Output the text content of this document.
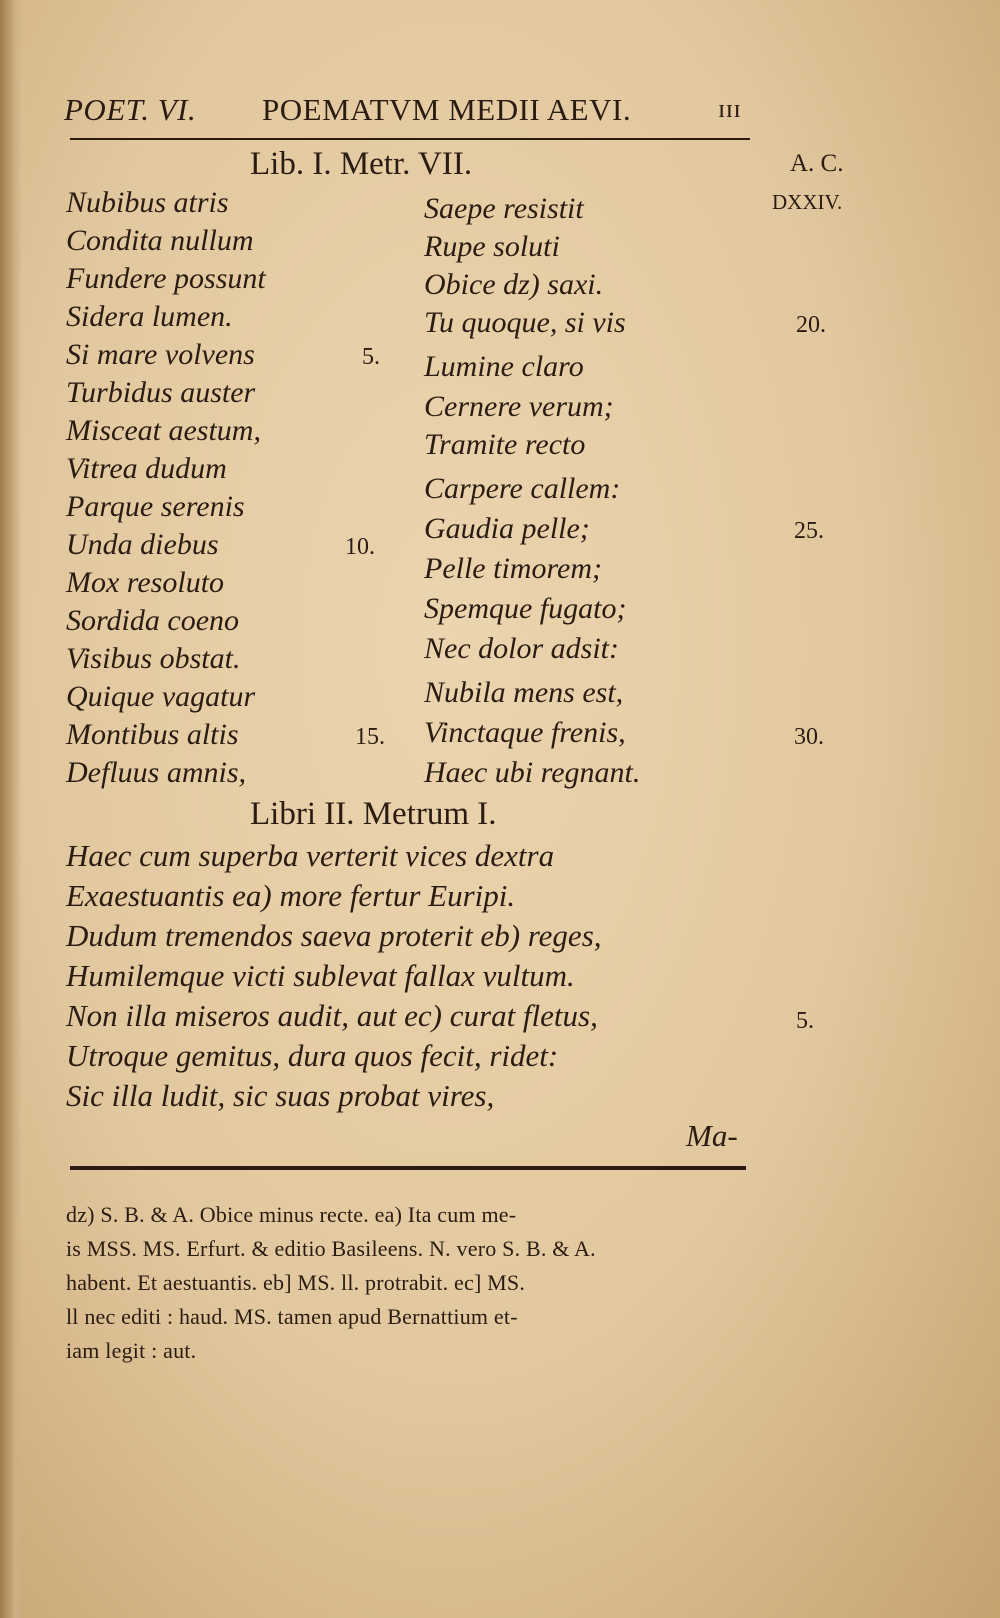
POET. VI. POEMATVM MEDII AEVI.	ɪɪɪ
Lib. I. Metr. VII.	A. C.
DXXIV.
Nubibus atris
Condita nullum
Fundere possunt
Sidera lumen.
Si mare volvens
Turbidus auster
Misceat aestum,
Vitrea dudum
Parque serenis
Unda diebus
Mox resoluto
Sordida coeno
Visibus obstat.
Quique vagatur
Montibus altis
Defluus amnis,
5.
10.
15.
Saepe resistit
Rupe soluti
Obice dz) saxi.
Tu quoque, si vis
Lumine claro
Cernere verum;
Tramite recto
Carpere callem:
Gaudia pelle;
Pelle timorem;
Spemque fugato;
Nec dolor adsit:
Nubila mens est,
Vinctaque frenis,
Haec ubi regnant.
20.
25.
30.
Libri II. Metrum I.
Haec cum superba verterit vices dextra
Exaestuantis ea) more fertur Euripi.
Dudum tremendos saeva proterit eb) reges,
Humilemque victi sublevat fallax vultum.
Non illa miseros audit, aut ec) curat fletus,
Utroque gemitus, dura quos fecit, ridet:
Sic illa ludit, sic suas probat vires,
5.
Ma-
dz) S. B. & A. Obice minus recte. ea) Ita cum me-
is MSS. MS. Erfurt. & editio Basileens. N. vero S. B. & A.
habent. Et aestuantis. eb] MS. ll. protrabit. ec] MS.
ll nec editi : haud. MS. tamen apud Bernattium et-
iam legit : aut.
